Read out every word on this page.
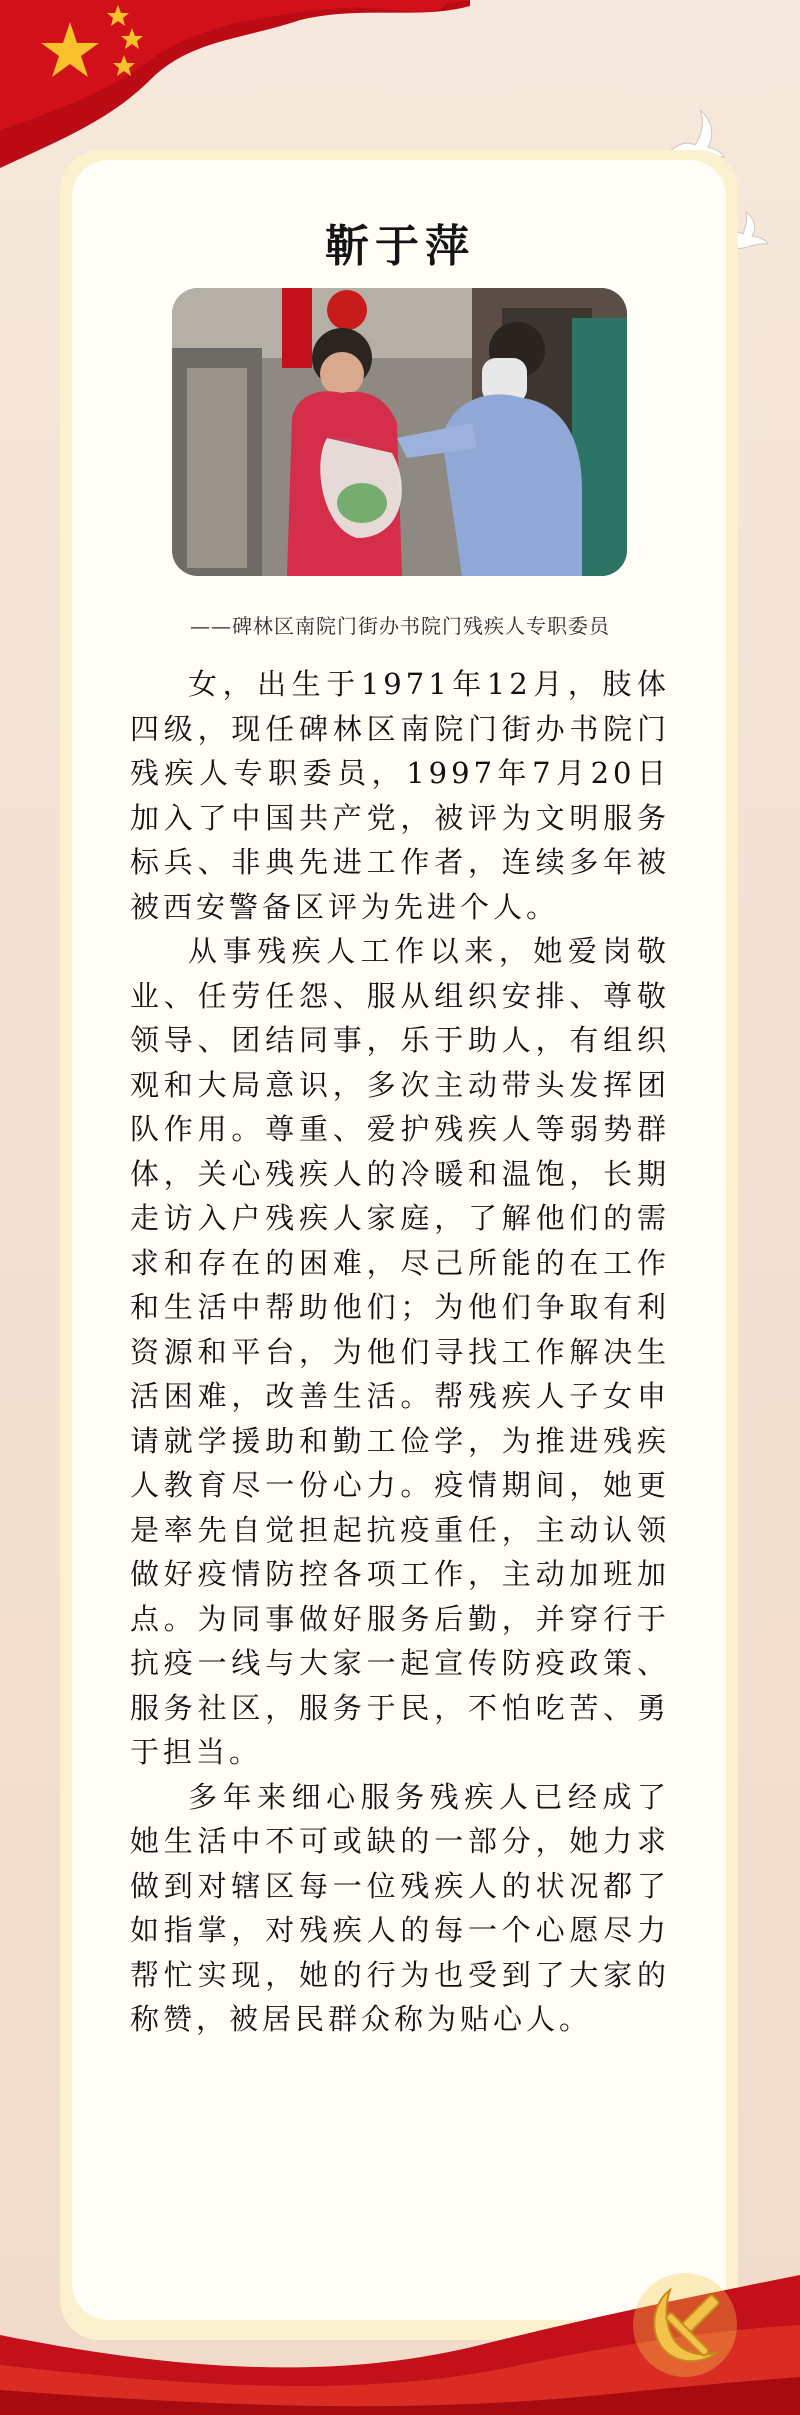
靳于萍
——碑林区南院门街办书院门残疾人专职委员

女，出生于1971年12月，肢体四级，现任碑林区南院门街办书院门残疾人专职委员，1997年7月20日加入了中国共产党，被评为文明服务标兵、非典先进工作者，连续多年被被西安警备区评为先进个人。

从事残疾人工作以来，她爱岗敬业、任劳任怨、服从组织安排、尊敬领导、团结同事，乐于助人，有组织观和大局意识，多次主动带头发挥团队作用。尊重、爱护残疾人等弱势群体，关心残疾人的冷暖和温饱，长期走访入户残疾人家庭，了解他们的需求和存在的困难，尽己所能的在工作和生活中帮助他们；为他们争取有利资源和平台，为他们寻找工作解决生活困难，改善生活。帮残疾人子女申请就学援助和勤工俭学，为推进残疾人教育尽一份心力。疫情期间，她更是率先自觉担起抗疫重任，主动认领做好疫情防控各项工作，主动加班加点。为同事做好服务后勤，并穿行于抗疫一线与大家一起宣传防疫政策、服务社区，服务于民，不怕吃苦、勇于担当。

多年来细心服务残疾人已经成了她生活中不可或缺的一部分，她力求做到对辖区每一位残疾人的状况都了如指掌，对残疾人的每一个心愿尽力帮忙实现，她的行为也受到了大家的称赞，被居民群众称为贴心人。
